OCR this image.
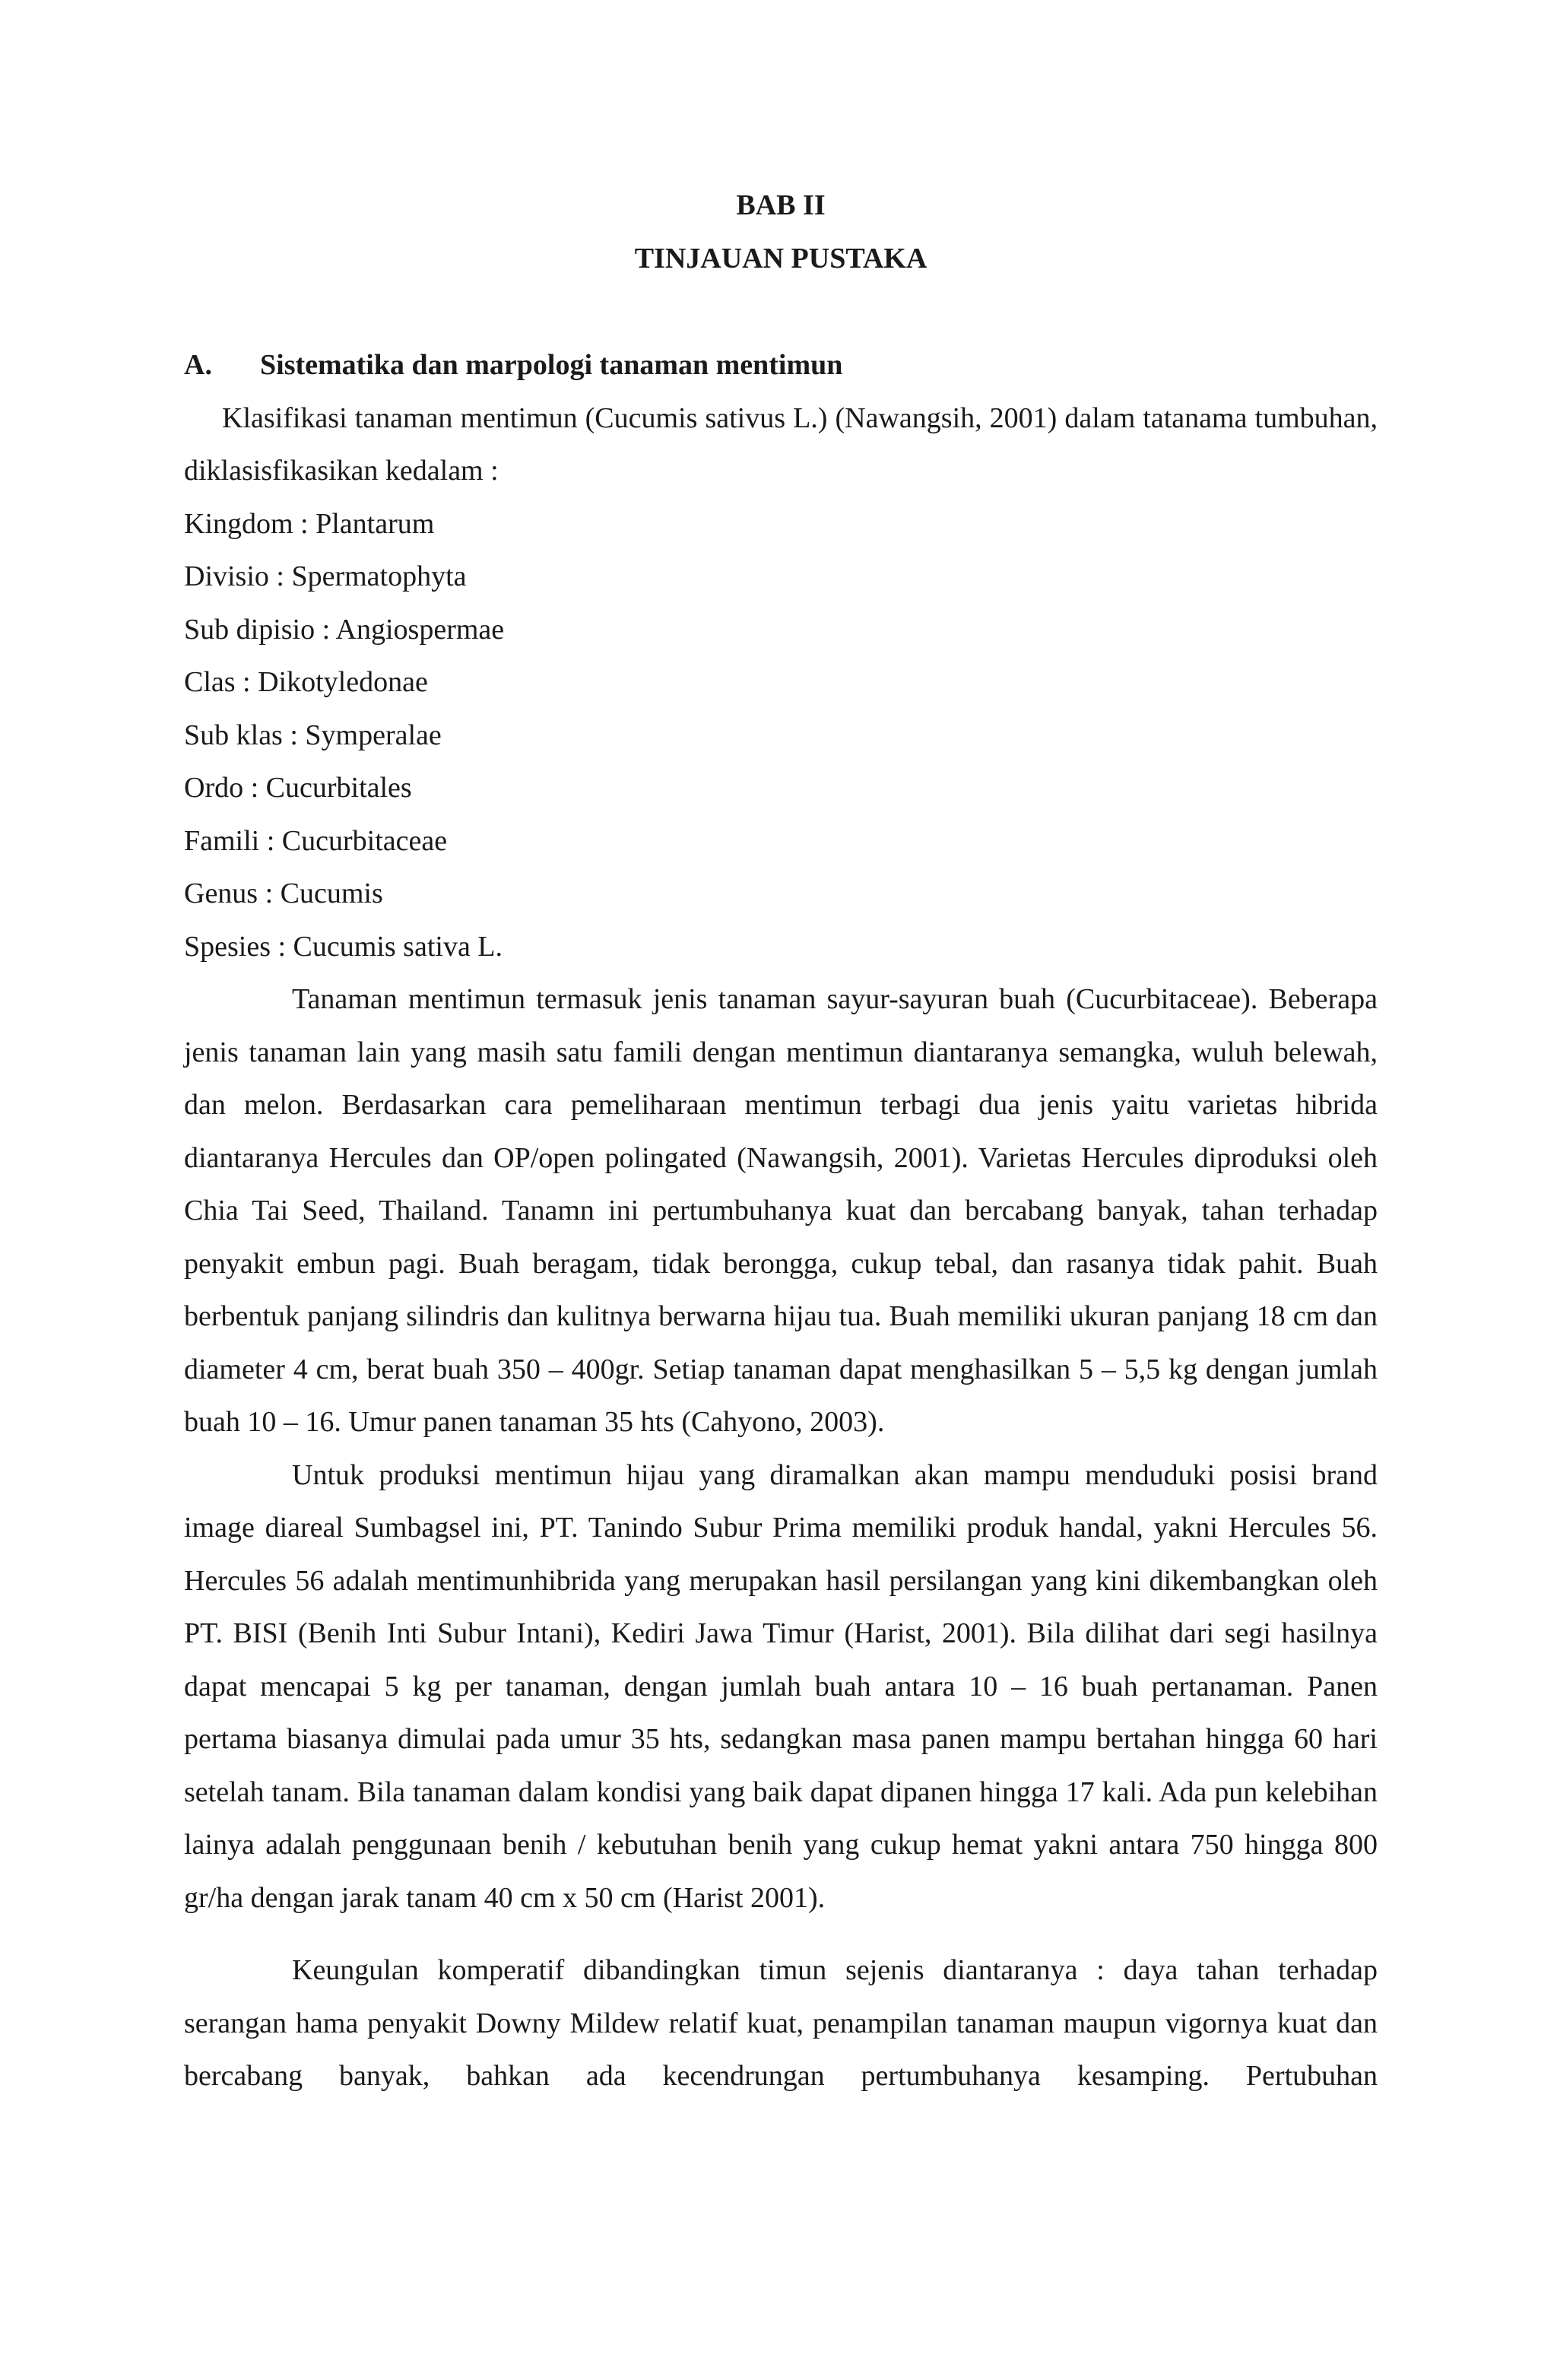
BAB II
TINJAUAN PUSTAKA
A.	Sistematika dan marpologi tanaman mentimun

Klasifikasi tanaman mentimun (Cucumis sativus L.) (Nawangsih, 2001) dalam tatanama tumbuhan, diklasisfikasikan kedalam :

Kingdom : Plantarum
Divisio : Spermatophyta
Sub dipisio : Angiospermae
Clas : Dikotyledonae
Sub klas : Symperalae
Ordo : Cucurbitales
Famili : Cucurbitaceae
Genus : Cucumis
Spesies : Cucumis sativa L.

Tanaman mentimun termasuk jenis tanaman sayur-sayuran buah (Cucurbitaceae). Beberapa jenis tanaman lain yang masih satu famili dengan mentimun diantaranya semangka, wuluh belewah, dan melon. Berdasarkan cara pemeliharaan mentimun terbagi dua jenis yaitu varietas hibrida diantaranya Hercules dan OP/open polingated (Nawangsih, 2001). Varietas Hercules diproduksi oleh Chia Tai Seed, Thailand. Tanamn ini pertumbuhanya kuat dan bercabang banyak, tahan terhadap penyakit embun pagi. Buah beragam, tidak berongga, cukup tebal, dan rasanya tidak pahit. Buah berbentuk panjang silindris dan kulitnya berwarna hijau tua. Buah memiliki ukuran panjang 18 cm dan diameter 4 cm, berat buah 350 – 400gr. Setiap tanaman dapat menghasilkan 5 – 5,5 kg dengan jumlah buah 10 – 16. Umur panen tanaman 35 hts (Cahyono, 2003).

Untuk produksi mentimun hijau yang diramalkan akan mampu menduduki posisi brand image diareal Sumbagsel ini, PT. Tanindo Subur Prima memiliki produk handal, yakni Hercules 56. Hercules 56 adalah mentimunhibrida yang merupakan hasil persilangan yang kini dikembangkan oleh PT. BISI (Benih Inti Subur Intani), Kediri Jawa Timur (Harist, 2001). Bila dilihat dari segi hasilnya dapat mencapai 5 kg per tanaman, dengan jumlah buah antara 10 – 16 buah pertanaman. Panen pertama biasanya dimulai pada umur 35 hts, sedangkan masa panen mampu bertahan hingga 60 hari setelah tanam. Bila tanaman dalam kondisi yang baik dapat dipanen hingga 17 kali. Ada pun kelebihan lainya adalah penggunaan benih / kebutuhan benih yang cukup hemat yakni antara 750 hingga 800 gr/ha dengan jarak tanam 40 cm x 50 cm (Harist 2001).

Keungulan komperatif dibandingkan timun sejenis diantaranya : daya tahan terhadap serangan hama penyakit Downy Mildew relatif kuat, penampilan tanaman maupun vigornya kuat dan bercabang banyak, bahkan ada kecendrungan pertumbuhanya kesamping. Pertubuhan
